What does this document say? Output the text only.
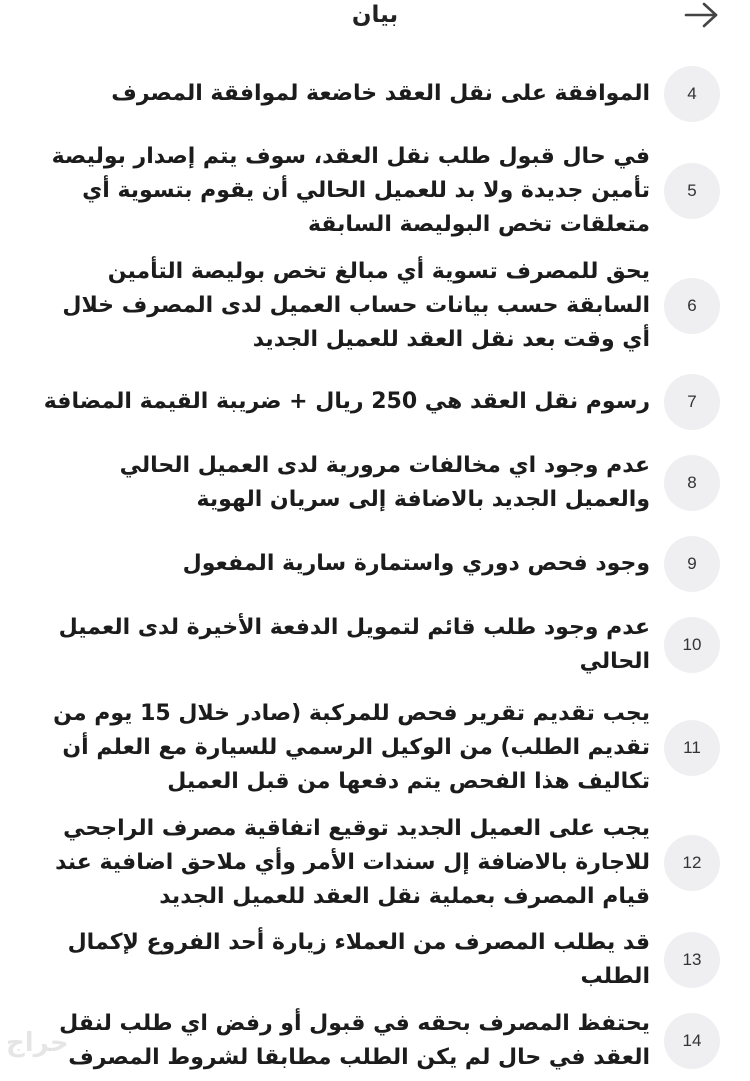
بيان
4
الموافقة على نقل العقد خاضعة لموافقة المصرف
5
في حال قبول طلب نقل العقد، سوف يتم إصدار بوليصة تأمين جديدة ولا بد للعميل الحالي أن يقوم بتسوية أي متعلقات تخص البوليصة السابقة
6
يحق للمصرف تسوية أي مبالغ تخص بوليصة التأمين السابقة حسب بيانات حساب العميل لدى المصرف خلال أي وقت بعد نقل العقد للعميل الجديد
7
رسوم نقل العقد هي 250 ريال + ضريبة القيمة المضافة
8
عدم وجود اي مخالفات مرورية لدى العميل الحالي والعميل الجديد بالاضافة إلى سريان الهوية
9
وجود فحص دوري واستمارة سارية المفعول
10
عدم وجود طلب قائم لتمويل الدفعة الأخيرة لدى العميل الحالي
11
يجب تقديم تقرير فحص للمركبة (صادر خلال 15 يوم من تقديم الطلب) من الوكيل الرسمي للسيارة مع العلم أن تكاليف هذا الفحص يتم دفعها من قبل العميل
12
يجب على العميل الجديد توقيع اتفاقية مصرف الراجحي للاجارة بالاضافة إل سندات الأمر وأي ملاحق اضافية عند قيام المصرف بعملية نقل العقد للعميل الجديد
13
قد يطلب المصرف من العملاء زيارة أحد الفروع لإكمال الطلب
14
يحتفظ المصرف بحقه في قبول أو رفض اي طلب لنقل العقد في حال لم يكن الطلب مطابقا لشروط المصرف
حراج
